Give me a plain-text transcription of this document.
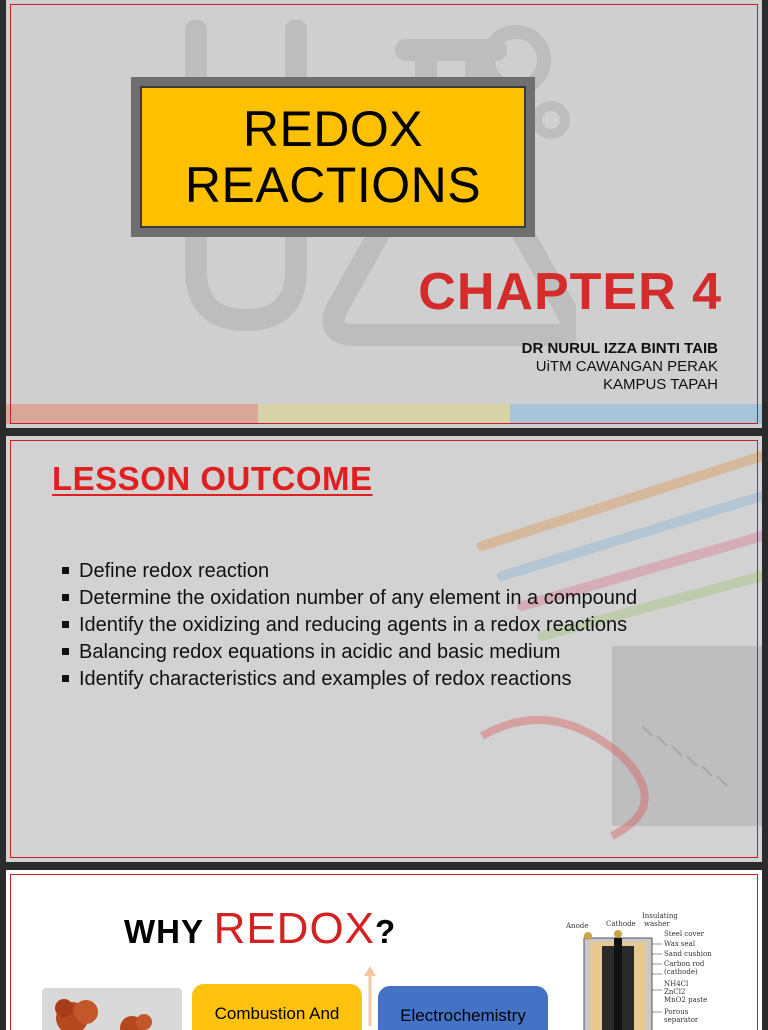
REDOX
REACTIONS
CHAPTER 4
DR NURUL IZZA BINTI TAIB
UiTM CAWANGAN PERAK
KAMPUS TAPAH
LESSON OUTCOME
Define redox reaction
Determine the oxidation number of any element in a compound
Identify the oxidizing and reducing agents in a redox reactions
Balancing redox equations in acidic and basic medium
Identify characteristics and examples of redox reactions
WHY REDOX?
Combustion And	Electrochemistry
Anode	Cathode
Insulating
washer
Steel cover
Wax seal
Sand cushion
Carbon rod
(cathode)
NH4Cl
ZnCl2
MnO2 paste
Porous
separator
